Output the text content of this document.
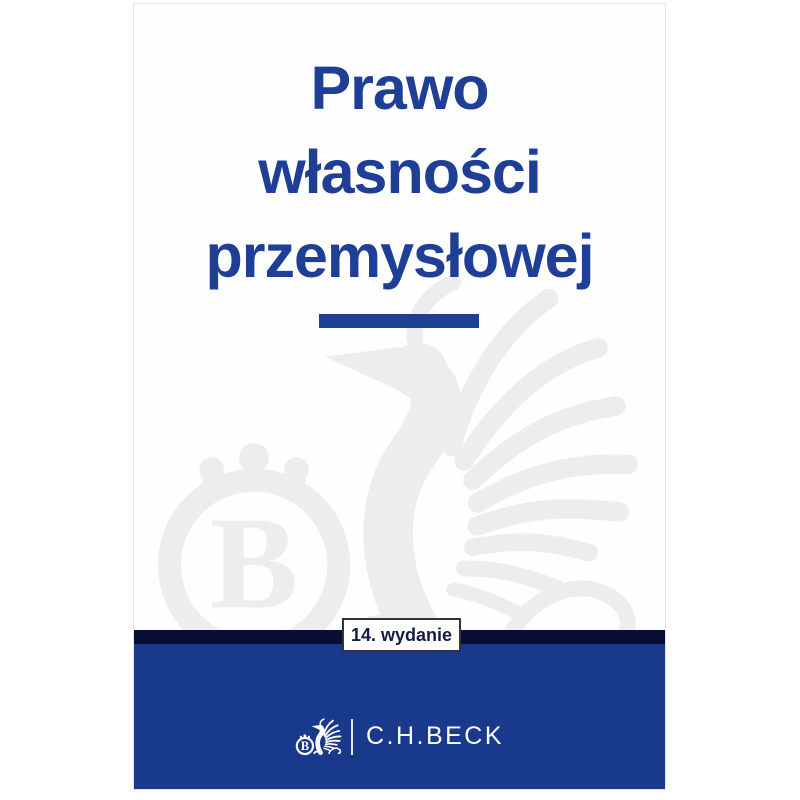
Prawo
własności
przemysłowej
C.H.BECK
14. wydanie
